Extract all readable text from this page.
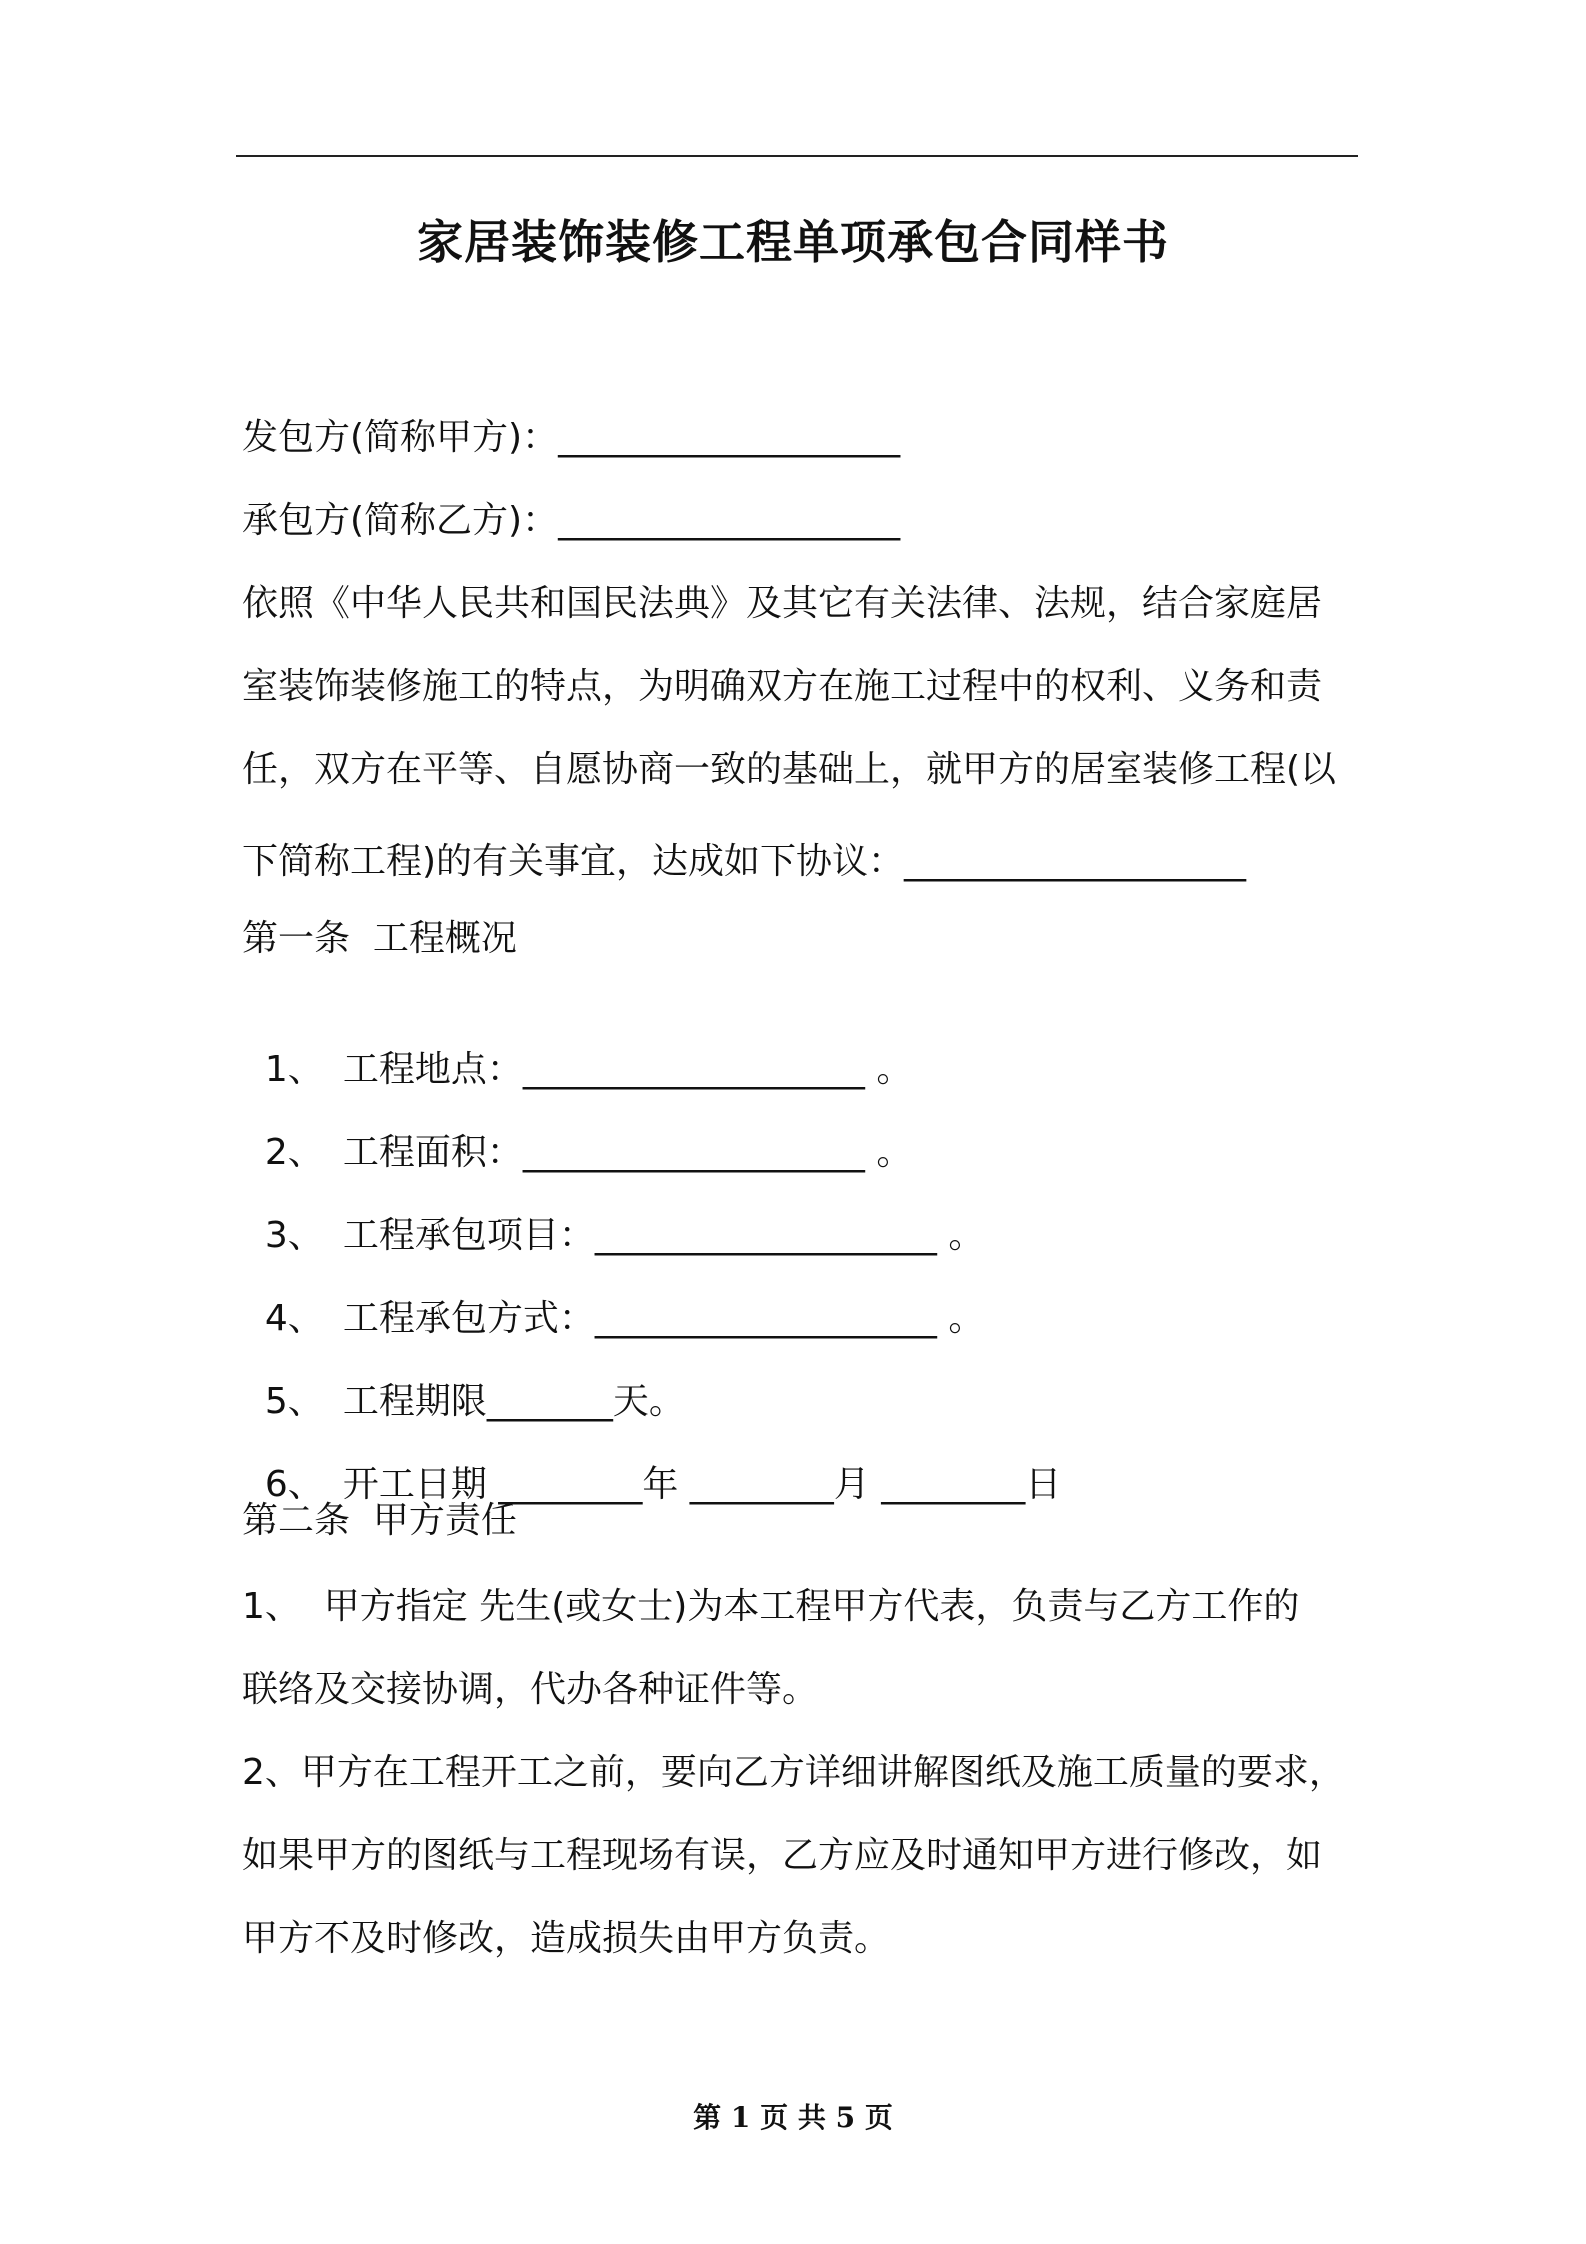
家居装饰装修工程单项承包合同样书

发包方(简称甲方)：___________________

承包方(简称乙方)：___________________

依照《中华人民共和国民法典》及其它有关法律、法规，结合家庭居

室装饰装修施工的特点，为明确双方在施工过程中的权利、义务和责

任，双方在平等、自愿协商一致的基础上，就甲方的居室装修工程(以

下简称工程)的有关事宜，达成如下协议：___________________

第一条  工程概况

1、 工程地点：___________________ 。

2、 工程面积：___________________ 。

3、 工程承包项目：___________________ 。

4、 工程承包方式：___________________ 。

5、 工程期限_______天。

6、 开工日期 ________年 ________月 ________日

第二条  甲方责任

1、  甲方指定 先生(或女士)为本工程甲方代表，负责与乙方工作的

联络及交接协调，代办各种证件等。

2、甲方在工程开工之前，要向乙方详细讲解图纸及施工质量的要求，

如果甲方的图纸与工程现场有误，乙方应及时通知甲方进行修改，如

甲方不及时修改，造成损失由甲方负责。

第 1 页 共 5 页
